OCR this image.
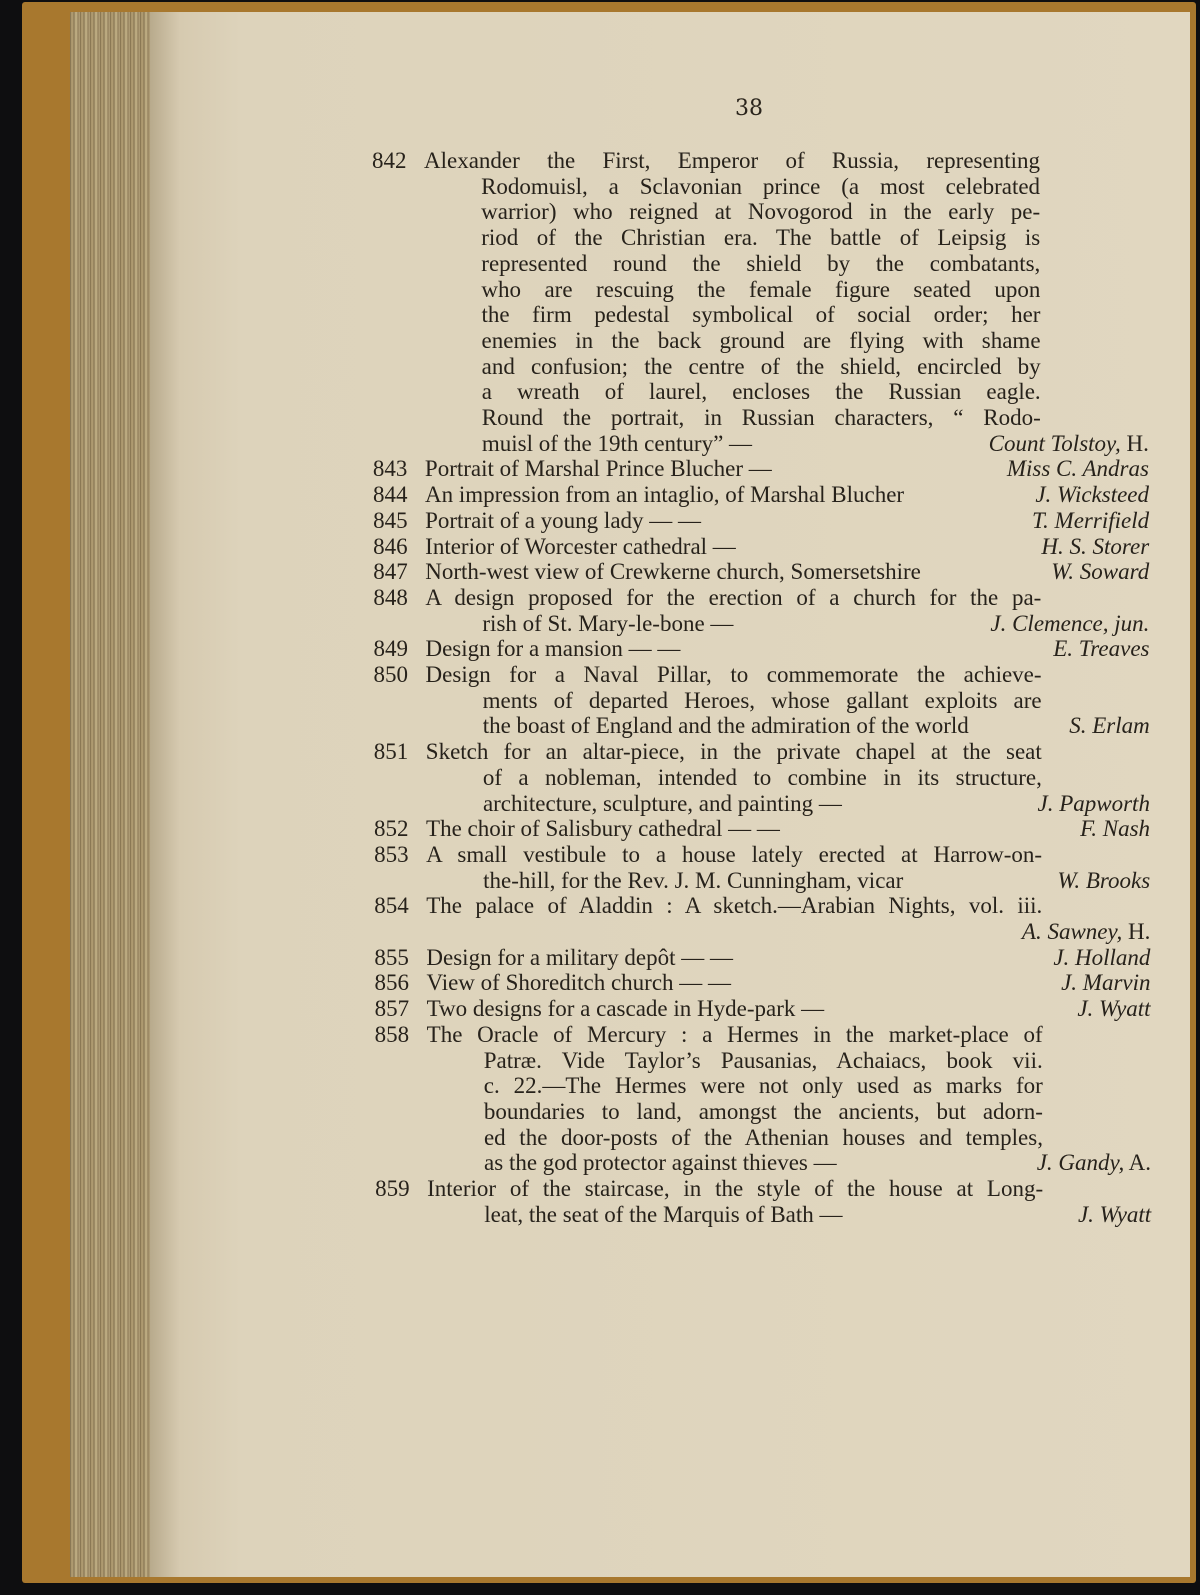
38
842 Alexander the First, Emperor of Russia, representing
Rodomuisl, a Sclavonian prince (a most celebrated
warrior) who reigned at Novogorod in the early pe-
riod of the Christian era. The battle of Leipsig is
represented round the shield by the combatants,
who are rescuing the female figure seated upon
the firm pedestal symbolical of social order; her
enemies in the back ground are flying with shame
and confusion; the centre of the shield, encircled by
a wreath of laurel, encloses the Russian eagle.
Round the portrait, in Russian characters, “ Rodo-
muisl of the 19th century” —	Count Tolstoy, H.
843 Portrait of Marshal Prince Blucher —	Miss C. Andras
844 An impression from an intaglio, of Marshal Blucher	J. Wicksteed
845 Portrait of a young lady — —	T. Merrifield
846 Interior of Worcester cathedral —	H. S. Storer
847 North-west view of Crewkerne church, Somersetshire	W. Soward
848 A design proposed for the erection of a church for the pa-
rish of St. Mary-le-bone —	J. Clemence, jun.
849 Design for a mansion — —	E. Treaves
850 Design for a Naval Pillar, to commemorate the achieve-
ments of departed Heroes, whose gallant exploits are
the boast of England and the admiration of the world	S. Erlam
851 Sketch for an altar-piece, in the private chapel at the seat
of a nobleman, intended to combine in its structure,
architecture, sculpture, and painting —	J. Papworth
852 The choir of Salisbury cathedral — —	F. Nash
853 A small vestibule to a house lately erected at Harrow-on-
the-hill, for the Rev. J. M. Cunningham, vicar	W. Brooks
854 The palace of Aladdin : A sketch.—Arabian Nights, vol. iii.
A. Sawney, H.
855 Design for a military depôt — —	J. Holland
856 View of Shoreditch church — —	J. Marvin
857 Two designs for a cascade in Hyde-park —	J. Wyatt
858 The Oracle of Mercury : a Hermes in the market-place of
Patræ. Vide Taylor’s Pausanias, Achaiacs, book vii.
c. 22.—The Hermes were not only used as marks for
boundaries to land, amongst the ancients, but adorn-
ed the door-posts of the Athenian houses and temples,
as the god protector against thieves —	J. Gandy, A.
859 Interior of the staircase, in the style of the house at Long-
leat, the seat of the Marquis of Bath —	J. Wyatt
